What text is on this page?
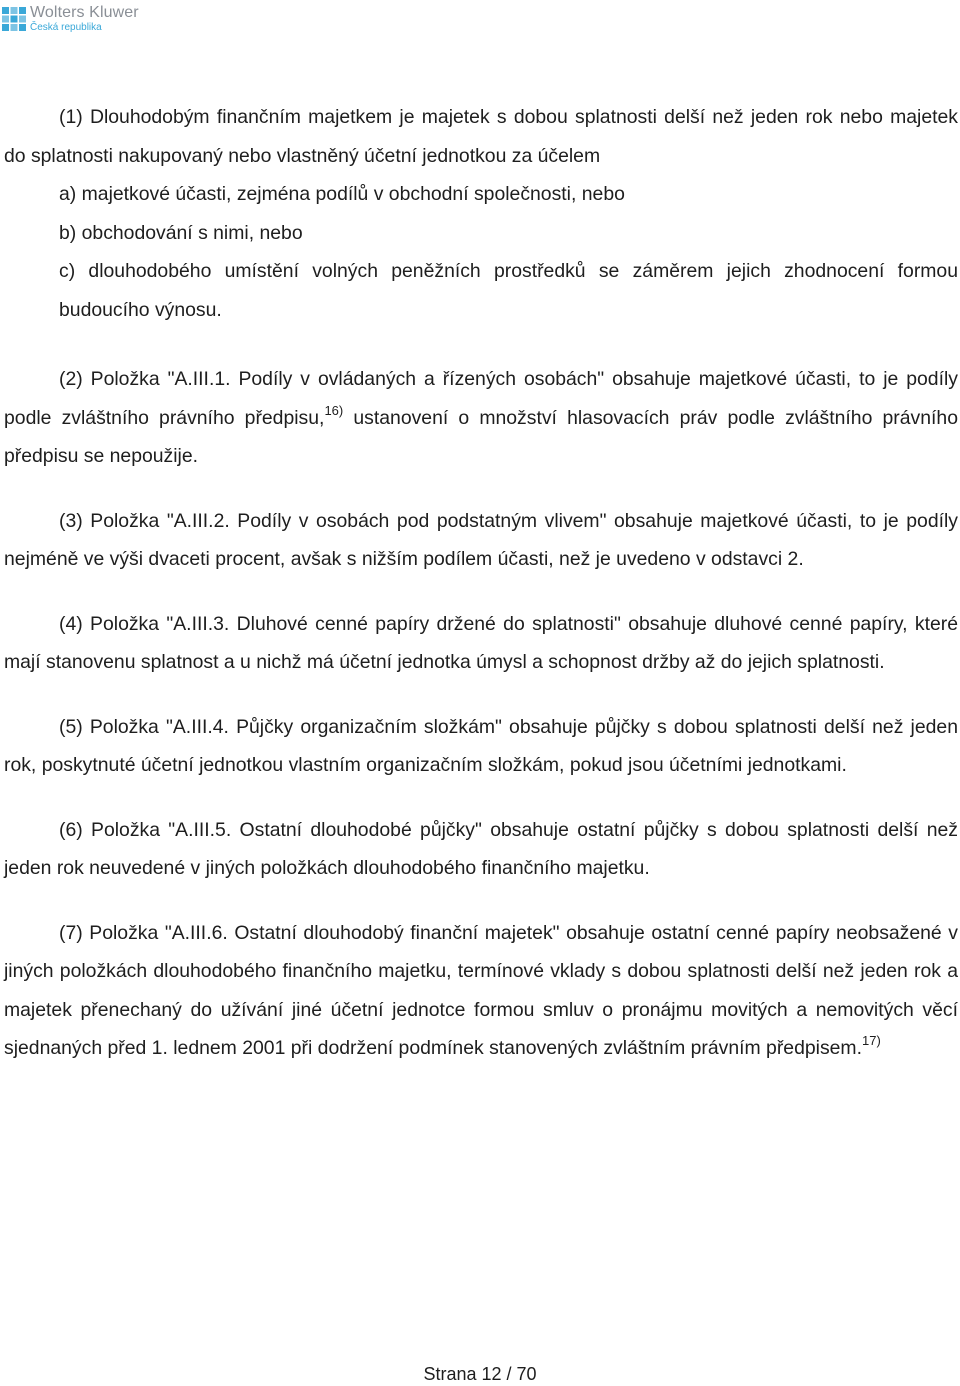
Wolters Kluwer
Česká republika

(1) Dlouhodobým finančním majetkem je majetek s dobou splatnosti delší než jeden rok nebo majetek do splatnosti nakupovaný nebo vlastněný účetní jednotkou za účelem

a) majetkové účasti, zejména podílů v obchodní společnosti, nebo

b) obchodování s nimi, nebo

c) dlouhodobého umístění volných peněžních prostředků se záměrem jejich zhodnocení formou budoucího výnosu.

(2) Položka "A.III.1. Podíly v ovládaných a řízených osobách" obsahuje majetkové účasti, to je podíly podle zvláštního právního předpisu,$^{16)}$ ustanovení o množství hlasovacích práv podle zvláštního právního předpisu se nepoužije.

(3) Položka "A.III.2. Podíly v osobách pod podstatným vlivem" obsahuje majetkové účasti, to je podíly nejméně ve výši dvaceti procent, avšak s nižším podílem účasti, než je uvedeno v odstavci 2.

(4) Položka "A.III.3. Dluhové cenné papíry držené do splatnosti" obsahuje dluhové cenné papíry, které mají stanovenu splatnost a u nichž má účetní jednotka úmysl a schopnost držby až do jejich splatnosti.

(5) Položka "A.III.4. Půjčky organizačním složkám" obsahuje půjčky s dobou splatnosti delší než jeden rok, poskytnuté účetní jednotkou vlastním organizačním složkám, pokud jsou účetními jednotkami.

(6) Položka "A.III.5. Ostatní dlouhodobé půjčky" obsahuje ostatní půjčky s dobou splatnosti delší než jeden rok neuvedené v jiných položkách dlouhodobého finančního majetku.

(7) Položka "A.III.6. Ostatní dlouhodobý finanční majetek" obsahuje ostatní cenné papíry neobsažené v jiných položkách dlouhodobého finančního majetku, termínové vklady s dobou splatnosti delší než jeden rok a majetek přenechaný do užívání jiné účetní jednotce formou smluv o pronájmu movitých a nemovitých věcí sjednaných před 1. lednem 2001 při dodržení podmínek stanovených zvláštním právním předpisem.$^{17)}$

Strana 12 / 70
